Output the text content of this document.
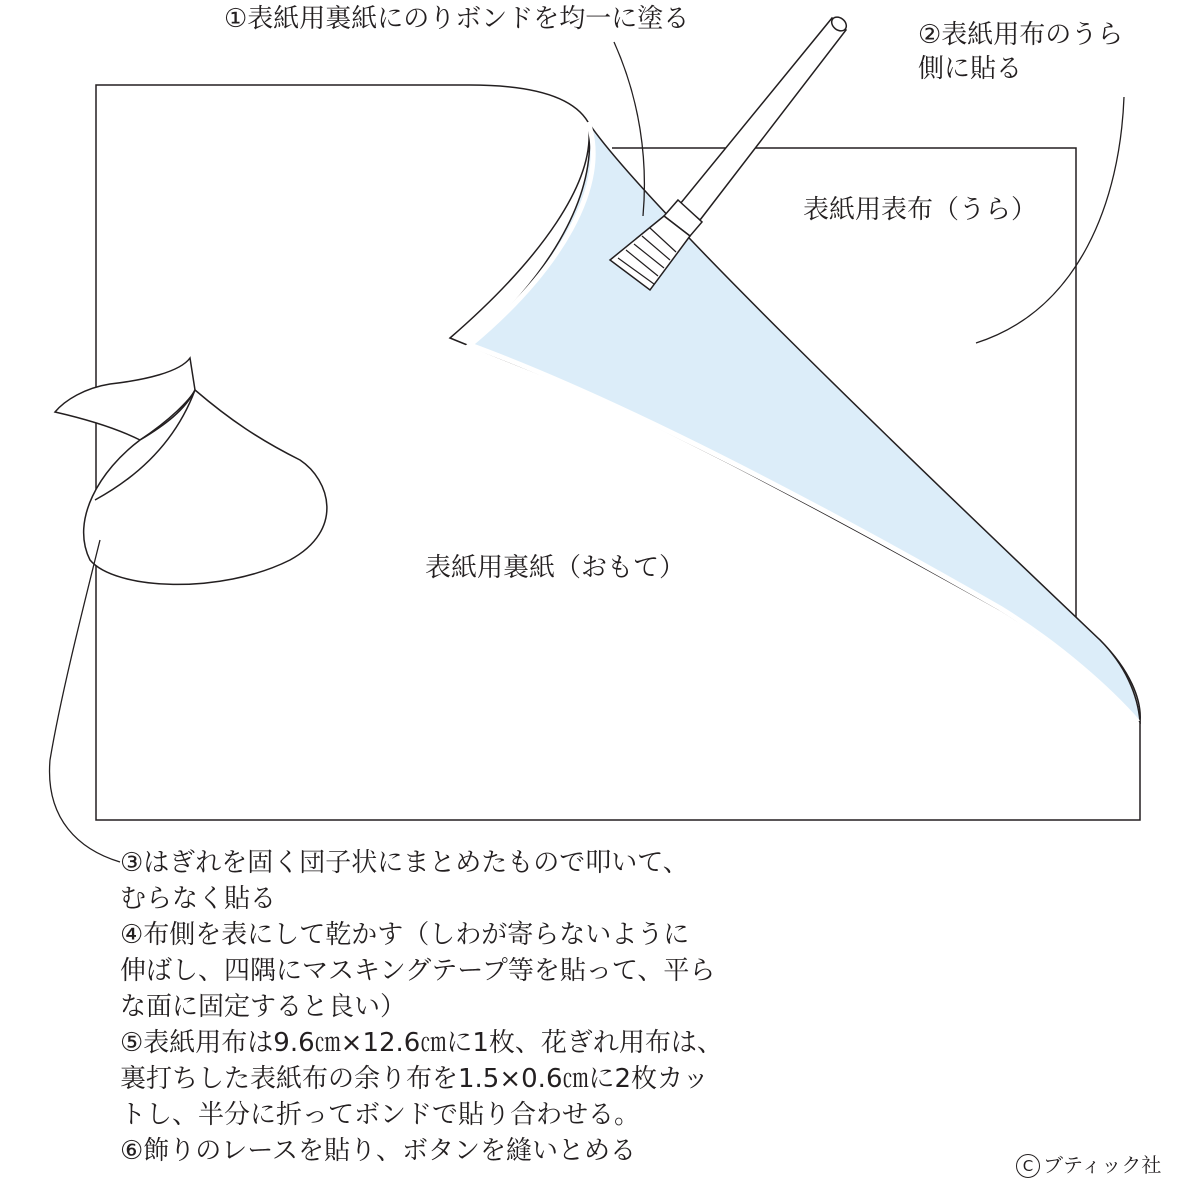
①表紙用裏紙にのりボンドを均一に塗る
②表紙用布のうら
側に貼る
表紙用表布（うら）
表紙用裏紙（おもて）
③はぎれを固く団子状にまとめたもので叩いて、
むらなく貼る
④布側を表にして乾かす（しわが寄らないように
伸ばし、四隅にマスキングテープ等を貼って、平ら
な面に固定すると良い）
⑤表紙用布は9.6㎝×12.6㎝に1枚、花ぎれ用布は、
裏打ちした表紙布の余り布を1.5×0.6㎝に2枚カッ
トし、半分に折ってボンドで貼り合わせる。
⑥飾りのレースを貼り、ボタンを縫いとめる	C ブティック社
